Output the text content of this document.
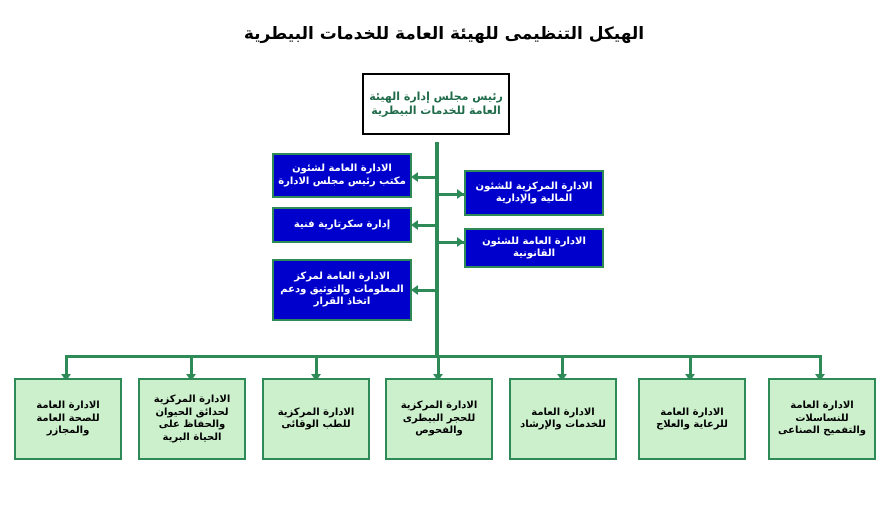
الهيكل التنظيمى للهيئة العامة للخدمات البيطرية
رئيس مجلس إدارة الهيئة العامة للخدمات البيطرية
الادارة العامة لشئون مكتب رئيس مجلس الادارة
إدارة سكرتارية فنية
الادارة العامة لمركز المعلومات والتوثيق ودعم اتخاذ القرار
الادارة المركزية للشئون المالية والإدارية
الادارة العامة للشئون القانونية
الادارة العامة للصحة العامة والمجازر
الادارة المركزية لحدائق الحيوان والحفاظ على الحياة البرية
الادارة المركزية للطب الوقائى
الادارة المركزية للحجر البيطرى والفحوص
الادارة العامة للخدمات والإرشاد
الادارة العامة للرعاية والعلاج
الادارة العامة للنساسلات والتفميح الصناعى
